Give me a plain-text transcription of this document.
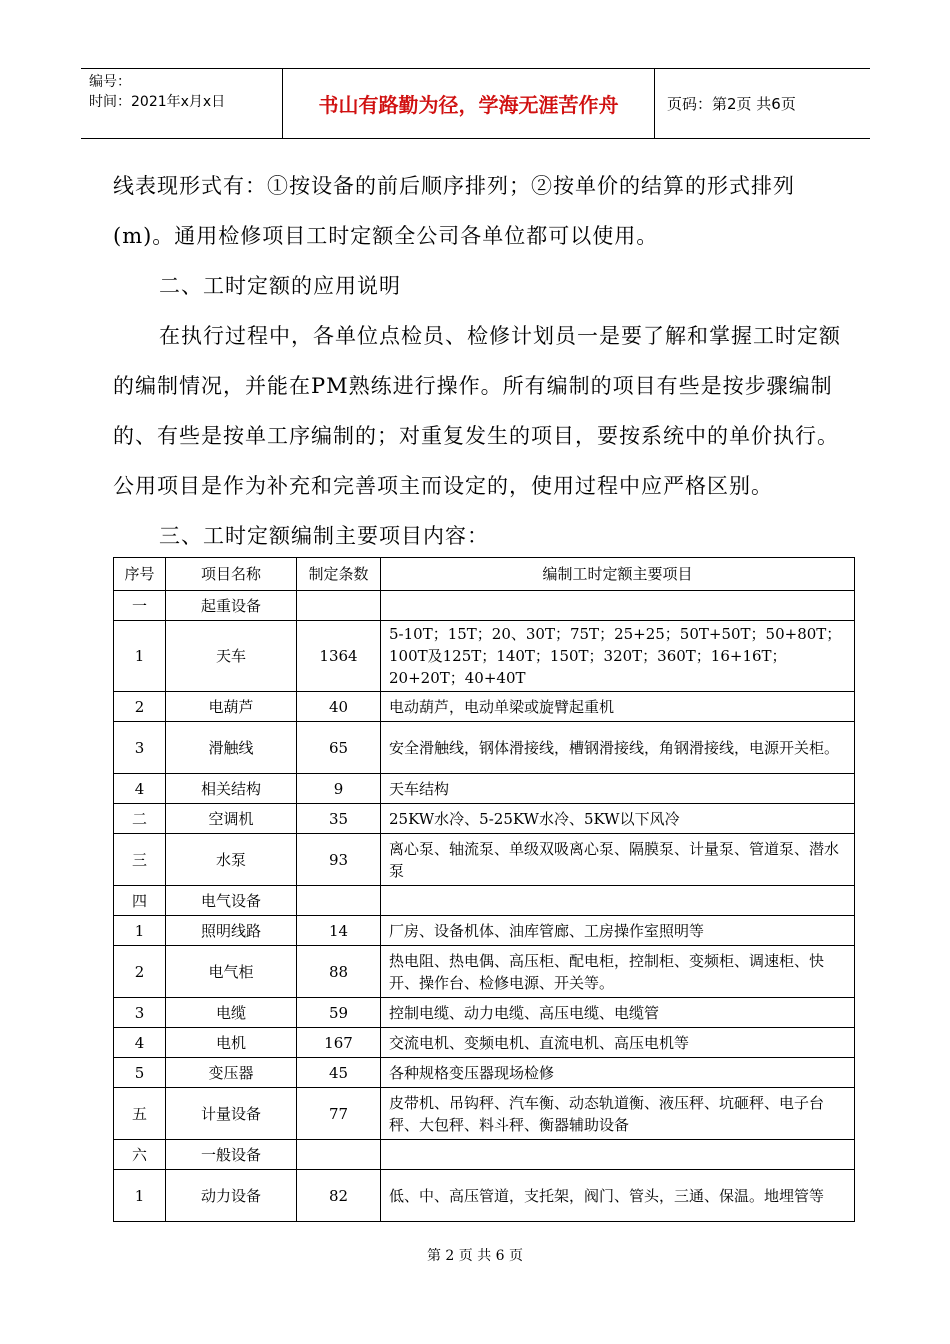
编号：
时间：2021年x月x日	书山有路勤为径，学海无涯苦作舟	页码：第2页 共6页

线表现形式有：①按设备的前后顺序排列；②按单价的结算的形式排列

(m)。通用检修项目工时定额全公司各单位都可以使用。

二、工时定额的应用说明

在执行过程中，各单位点检员、检修计划员一是要了解和掌握工时定额的编制情况，并能在PM熟练进行操作。所有编制的项目有些是按步骤编制的、有些是按单工序编制的；对重复发生的项目，要按系统中的单价执行。公用项目是作为补充和完善项主而设定的，使用过程中应严格区别。

三、工时定额编制主要项目内容：

序号	项目名称	制定条数	编制工时定额主要项目
一	起重设备		
1	天车	1364	5-10T；15T；20、30T；75T；25+25；50T+50T；50+80T；100T及125T；140T；150T；320T；360T；16+16T；20+20T；40+40T
2	电葫芦	40	电动葫芦，电动单梁或旋臂起重机
3	滑触线	65	安全滑触线，钢体滑接线，槽钢滑接线，角钢滑接线，电源开关柜。
4	相关结构	9	天车结构
二	空调机	35	25KW水冷、5-25KW水冷、5KW以下风冷
三	水泵	93	离心泵、轴流泵、单级双吸离心泵、隔膜泵、计量泵、管道泵、潜水泵
四	电气设备		
1	照明线路	14	厂房、设备机体、油库管廊、工房操作室照明等
2	电气柜	88	热电阻、热电偶、高压柜、配电柜，控制柜、变频柜、调速柜、快开、操作台、检修电源、开关等。
3	电缆	59	控制电缆、动力电缆、高压电缆、电缆管
4	电机	167	交流电机、变频电机、直流电机、高压电机等
5	变压器	45	各种规格变压器现场检修
五	计量设备	77	皮带机、吊钩秤、汽车衡、动态轨道衡、液压秤、坑砸秤、电子台秤、大包秤、料斗秤、衡器辅助设备
六	一般设备		
1	动力设备	82	低、中、高压管道，支托架，阀门、管头，三通、保温。地埋管等
第 2 页 共 6 页
